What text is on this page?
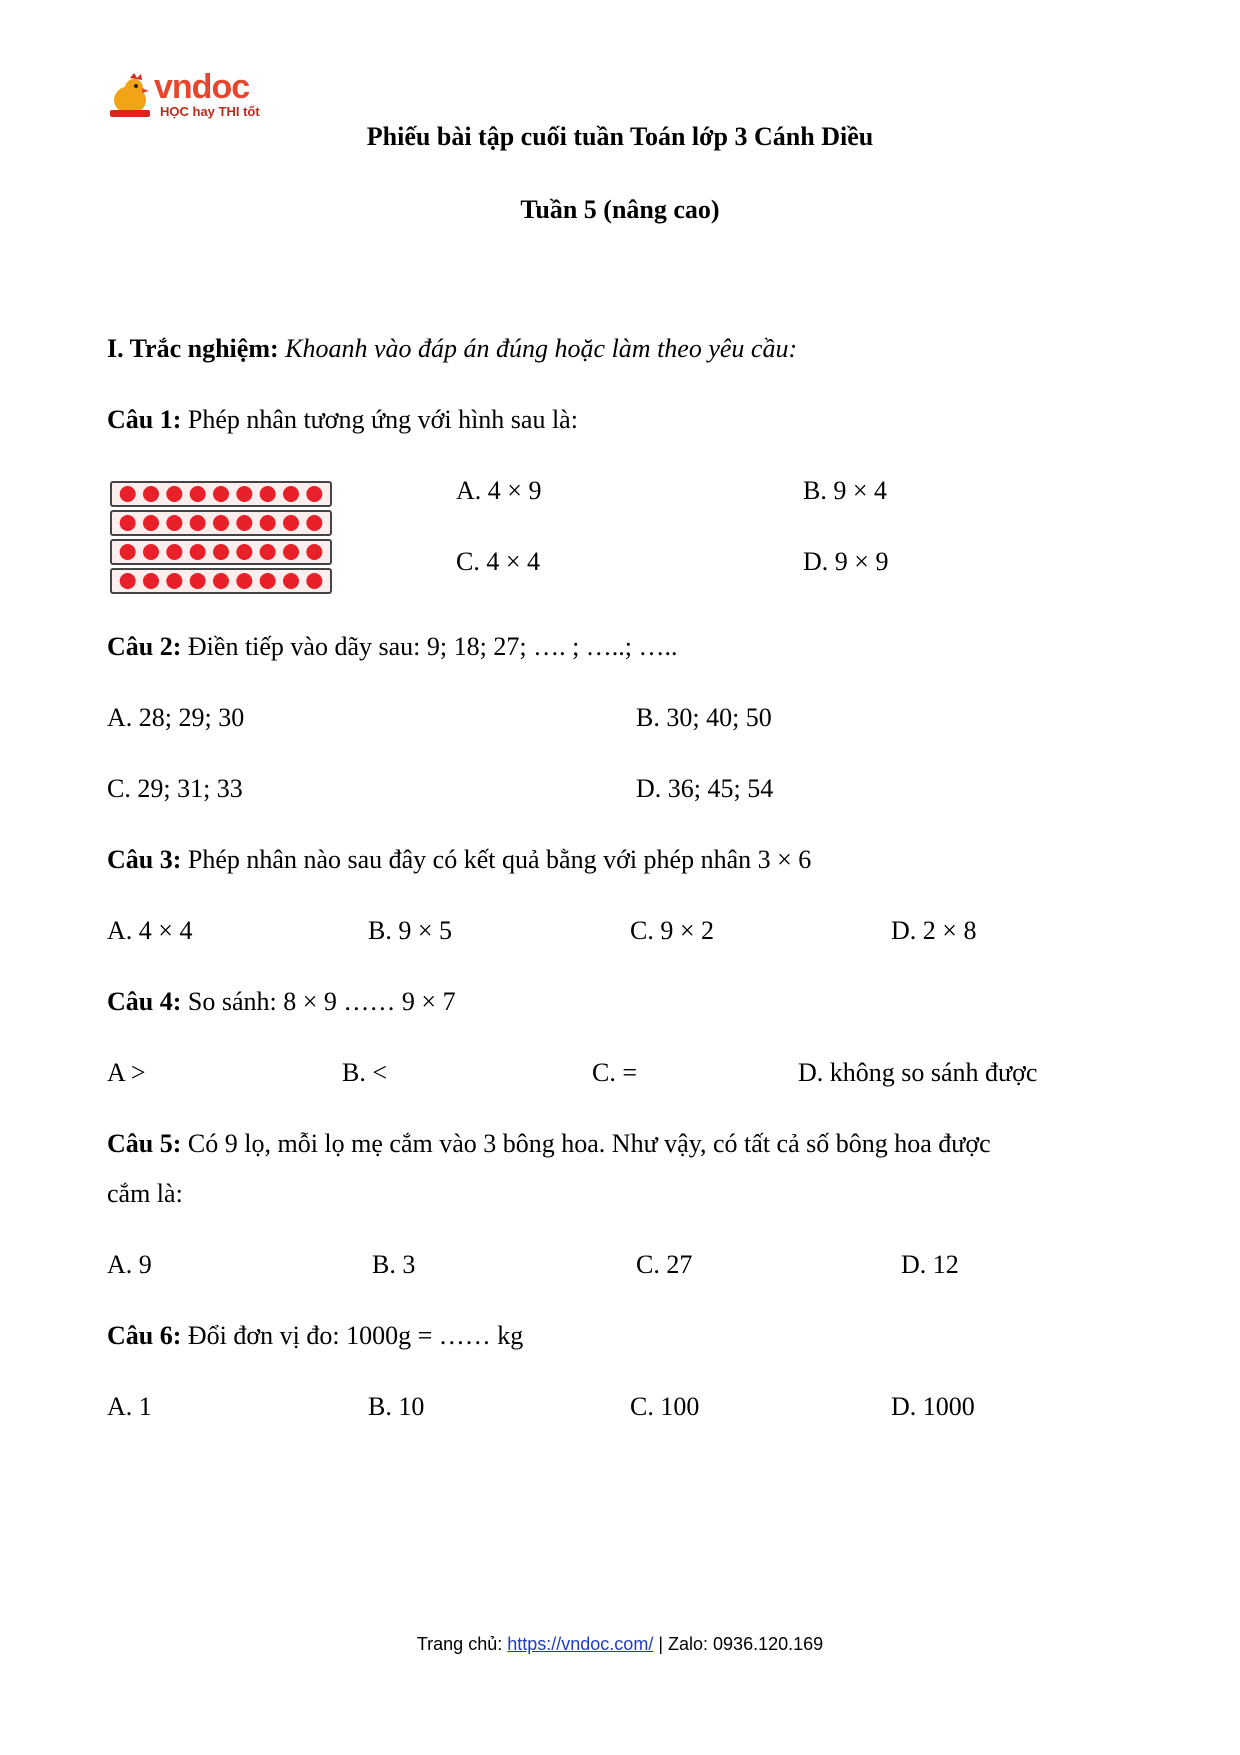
vndoc
HỌC hay THI tốt
Phiếu bài tập cuối tuần Toán lớp 3 Cánh Diều
Tuần 5 (nâng cao)
I. Trắc nghiệm: Khoanh vào đáp án đúng hoặc làm theo yêu cầu:
Câu 1: Phép nhân tương ứng với hình sau là:
A. 4 × 9	B. 9 × 4
C. 4 × 4	D. 9 × 9
Câu 2: Điền tiếp vào dãy sau: 9; 18; 27; …. ; …..; …..
A. 28; 29; 30	B. 30; 40; 50
C. 29; 31; 33	D. 36; 45; 54
Câu 3: Phép nhân nào sau đây có kết quả bằng với phép nhân 3 × 6
A. 4 × 4	B. 9 × 5	C. 9 × 2	D. 2 × 8
Câu 4: So sánh: 8 × 9 …… 9 × 7
A >	B. <	C. =	D. không so sánh được
Câu 5: Có 9 lọ, mỗi lọ mẹ cắm vào 3 bông hoa. Như vậy, có tất cả số bông hoa được
cắm là:
A. 9	B. 3	C. 27	D. 12
Câu 6: Đổi đơn vị đo: 1000g = …… kg
A. 1	B. 10	C. 100	D. 1000
Trang chủ: https://vndoc.com/ | Zalo: 0936.120.169
